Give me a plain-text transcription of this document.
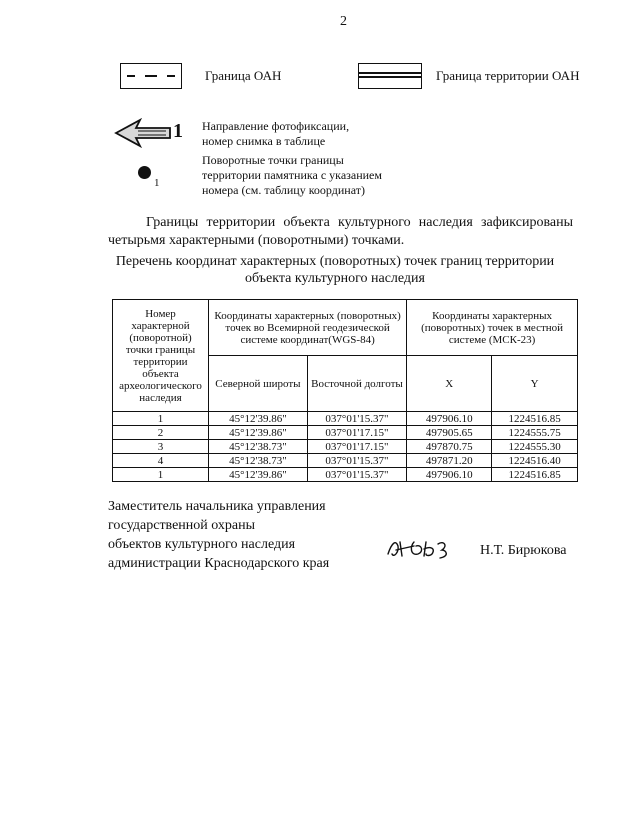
2
Граница ОАН	Граница территории ОАН
1 Направление фотофиксации,
номер снимка в таблице
1
Поворотные точки границы территории памятника с указанием номера (см. таблицу координат)
Границы территории объекта культурного наследия зафиксированы четырьмя характерными (поворотными) точками.
Перечень координат характерных (поворотных) точек границ территории
объекта культурного наследия
Номер характерной (поворотной) точки границы территории объекта археологического наследия	Координаты характерных (поворотных) точек во Всемирной геодезической системе координат(WGS-84)		Координаты характерных (поворотных) точек в местной системе (МСК-23)	
	Северной широты	Восточной долготы	X	Y
1	45°12'39.86"	037°01'15.37"	497906.10	1224516.85
2	45°12'39.86"	037°01'17.15"	497905.65	1224555.75
3	45°12'38.73"	037°01'17.15"	497870.75	1224555.30
4	45°12'38.73"	037°01'15.37"	497871.20	1224516.40
1	45°12'39.86"	037°01'15.37"	497906.10	1224516.85
Заместитель начальника управления
государственной охраны
объектов культурного наследия
администрации Краснодарского края
Н.Т. Бирюкова
